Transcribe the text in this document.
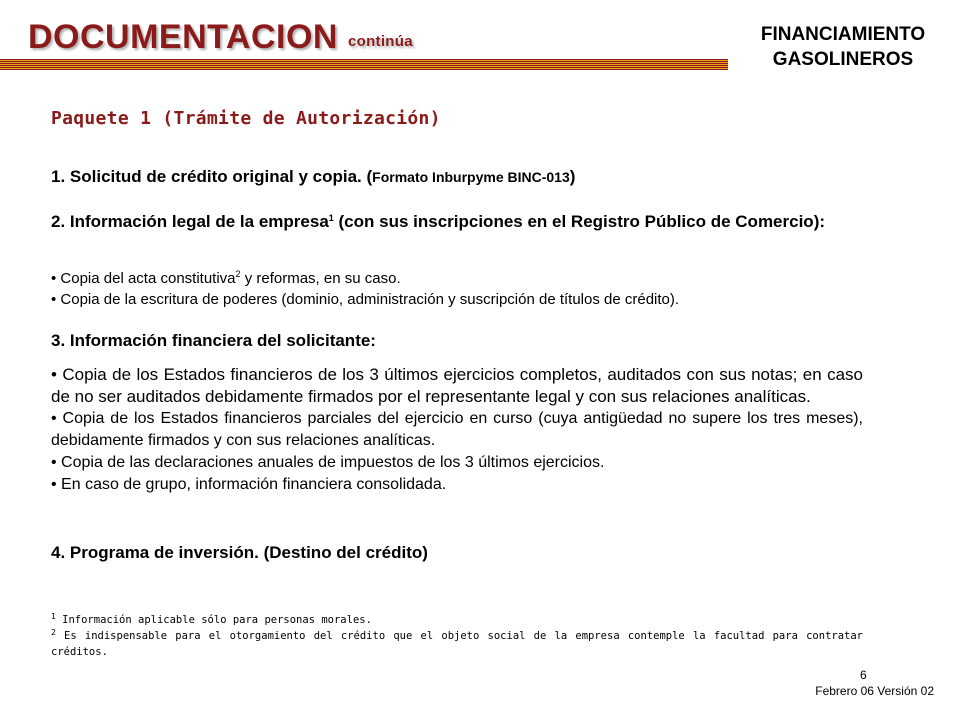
DOCUMENTACION continúa	FINANCIAMIENTO
GASOLINEROS
Paquete 1 (Trámite de Autorización)
1. Solicitud de crédito original y copia. (Formato Inburpyme BINC-013)
2. Información legal de la empresa$^1$ (con sus inscripciones en el Registro Público de Comercio):
• Copia del acta constitutiva$^2$ y reformas, en su caso.
• Copia de la escritura de poderes (dominio, administración y suscripción de títulos de crédito).
3. Información financiera del solicitante:
• Copia de los Estados financieros de los 3 últimos ejercicios completos, auditados con sus notas; en caso de no ser auditados debidamente firmados por el representante legal y con sus relaciones analíticas.
• Copia de los Estados financieros parciales del ejercicio en curso (cuya antigüedad no supere los tres meses), debidamente firmados y con sus relaciones analíticas.
• Copia de las declaraciones anuales de impuestos de los 3 últimos ejercicios.
• En caso de grupo, información financiera consolidada.
4. Programa de inversión. (Destino del crédito)
$^1$ Información aplicable sólo para personas morales.
$^2$ Es indispensable para el otorgamiento del crédito que el objeto social de la empresa contemple la facultad para contratar créditos.
6
Febrero 06 Versión 02
